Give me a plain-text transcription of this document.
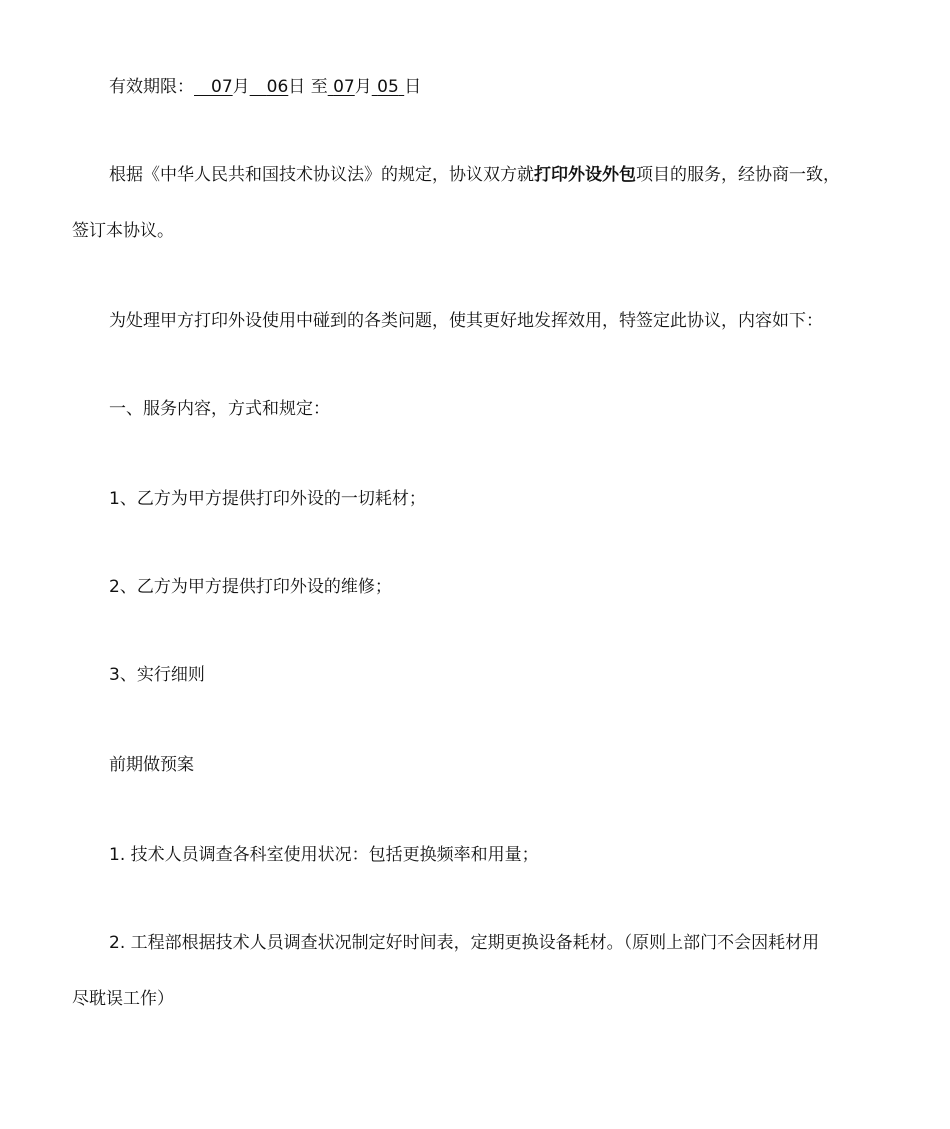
有效期限：  07月  06日 至 07月 05 日
根据《中华人民共和国技术协议法》的规定，协议双方就打印外设外包项目的服务，经协商一致，
签订本协议。
为处理甲方打印外设使用中碰到的各类问题，使其更好地发挥效用，特签定此协议，内容如下：
一、服务内容，方式和规定：
1、乙方为甲方提供打印外设的一切耗材；
2、乙方为甲方提供打印外设的维修；
3、实行细则
前期做预案
1. 技术人员调查各科室使用状况：包括更换频率和用量；
2. 工程部根据技术人员调查状况制定好时间表，定期更换设备耗材。（原则上部门不会因耗材用
尽耽误工作）
